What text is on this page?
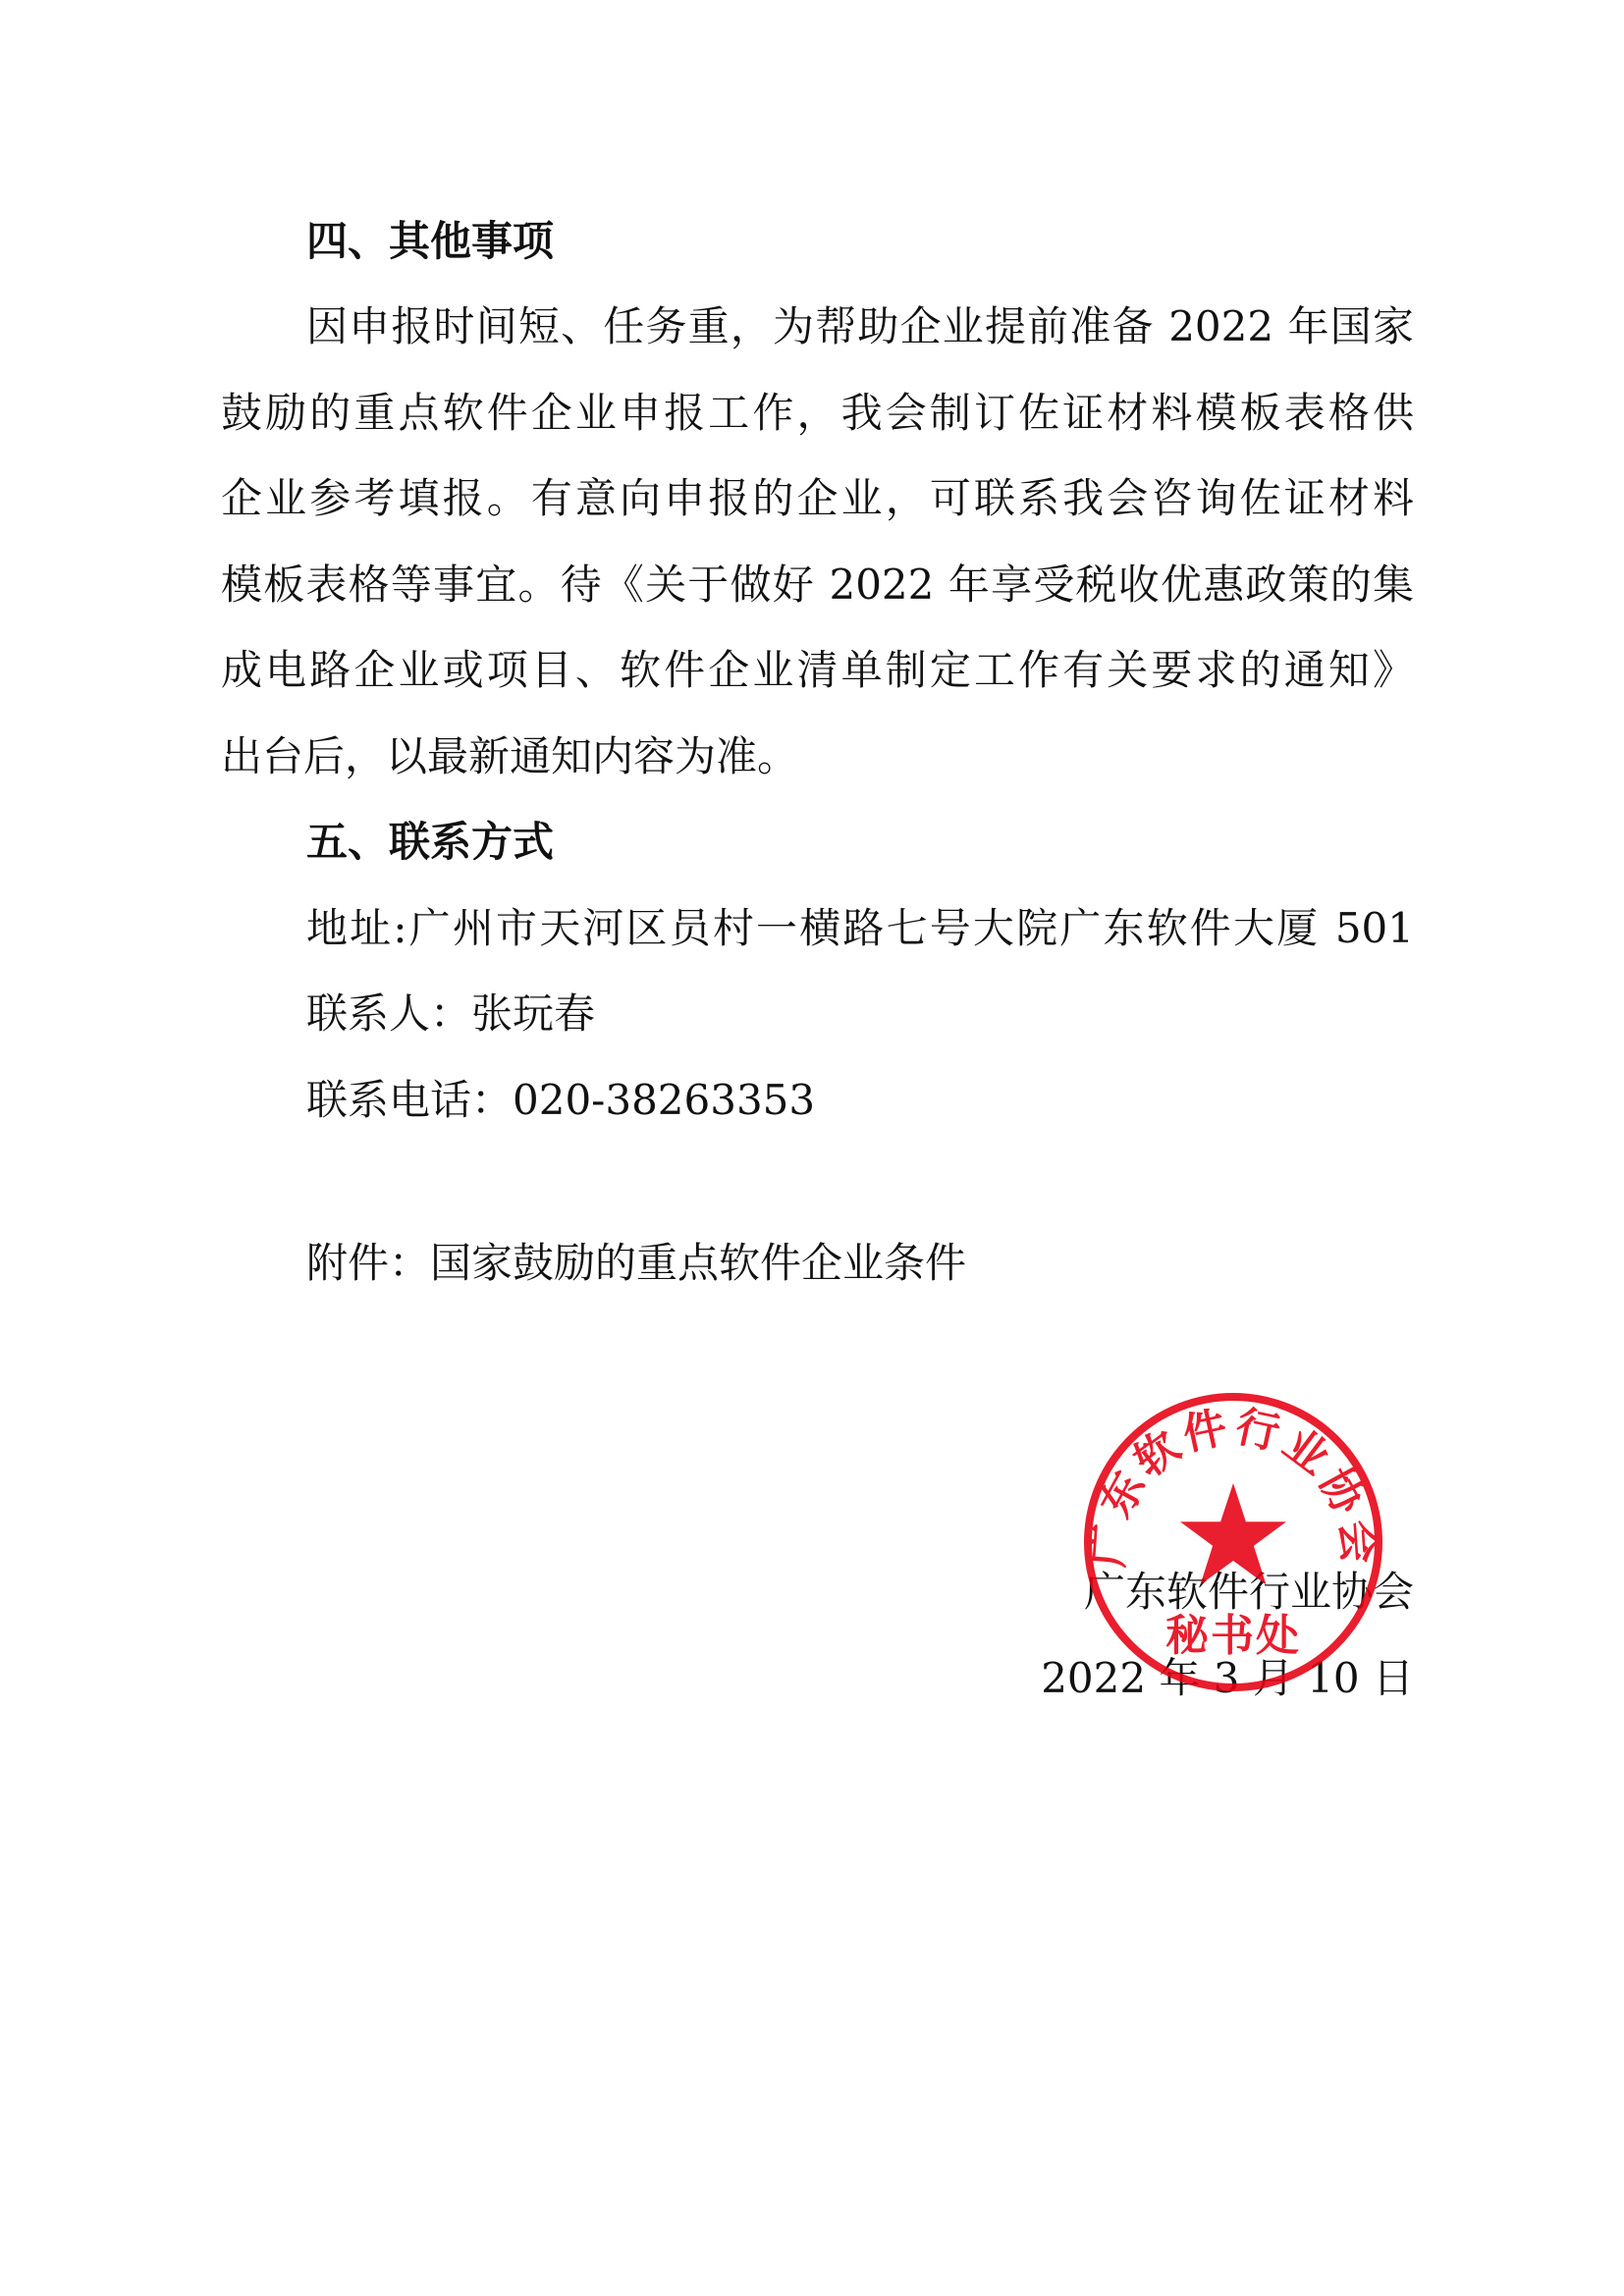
四、其他事项
因申报时间短、任务重，为帮助企业提前准备 2022 年国家
鼓励的重点软件企业申报工作，我会制订佐证材料模板表格供
企业参考填报。有意向申报的企业，可联系我会咨询佐证材料
模板表格等事宜。待《关于做好 2022 年享受税收优惠政策的集
成电路企业或项目、软件企业清单制定工作有关要求的通知》
出台后，以最新通知内容为准。
五、联系方式
地址:广州市天河区员村一横路七号大院广东软件大厦 501
联系人：张玩春
联系电话：020-38263353
附件：国家鼓励的重点软件企业条件
广东软件行业协会
2022 年 3 月 10 日
广东软件行业协会
秘书处
